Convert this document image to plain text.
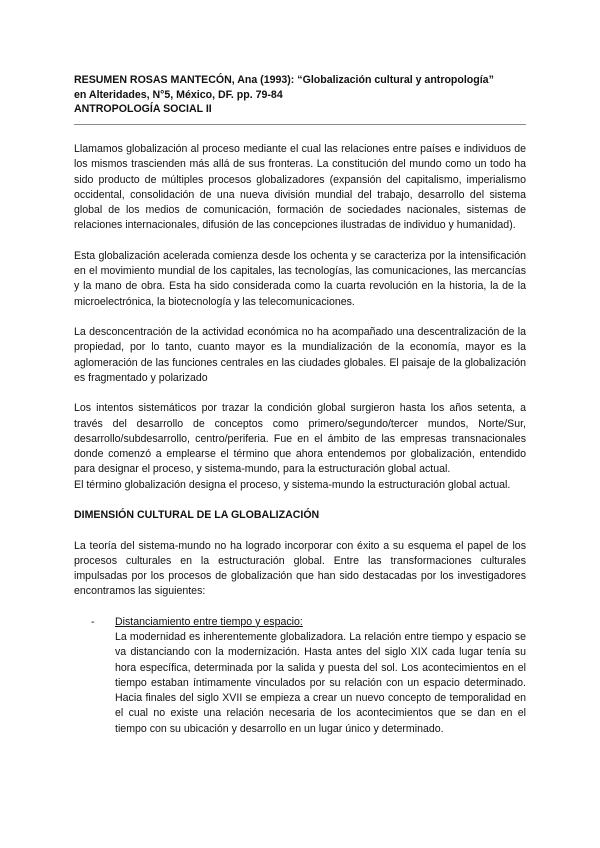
RESUMEN ROSAS MANTECÓN, Ana (1993): “Globalización cultural y antropología”
en Alteridades, N°5, México, DF. pp. 79-84
ANTROPOLOGÍA SOCIAL II

Llamamos globalización al proceso mediante el cual las relaciones entre países e individuos de los mismos trascienden más allá de sus fronteras. La constitución del mundo como un todo ha sido producto de múltiples procesos globalizadores (expansión del capitalismo, imperialismo occidental, consolidación de una nueva división mundial del trabajo, desarrollo del sistema global de los medios de comunicación, formación de sociedades nacionales, sistemas de relaciones internacionales, difusión de las concepciones ilustradas de individuo y humanidad).

Esta globalización acelerada comienza desde los ochenta y se caracteriza por la intensificación en el movimiento mundial de los capitales, las tecnologías, las comunicaciones, las mercancías y la mano de obra. Esta ha sido considerada como la cuarta revolución en la historia, la de la microelectrónica, la biotecnología y las telecomunicaciones.

La desconcentración de la actividad económica no ha acompañado una descentralización de la propiedad, por lo tanto, cuanto mayor es la mundialización de la economía, mayor es la aglomeración de las funciones centrales en las ciudades globales. El paisaje de la globalización es fragmentado y polarizado

Los intentos sistemáticos por trazar la condición global surgieron hasta los años setenta, a través del desarrollo de conceptos como primero/segundo/tercer mundos, Norte/Sur, desarrollo/subdesarrollo, centro/periferia. Fue en el ámbito de las empresas transnacionales donde comenzó a emplearse el término que ahora entendemos por globalización, entendido para designar el proceso, y sistema-mundo, para la estructuración global actual.

El término globalización designa el proceso, y sistema-mundo la estructuración global actual.

DIMENSIÓN CULTURAL DE LA GLOBALIZACIÓN

La teoría del sistema-mundo no ha logrado incorporar con éxito a su esquema el papel de los procesos culturales en la estructuración global. Entre las transformaciones culturales impulsadas por los procesos de globalización que han sido destacadas por los investigadores encontramos las siguientes:

- Distanciamiento entre tiempo y espacio:
La modernidad es inherentemente globalizadora. La relación entre tiempo y espacio se va distanciando con la modernización. Hasta antes del siglo XIX cada lugar tenía su hora específica, determinada por la salida y puesta del sol. Los acontecimientos en el tiempo estaban íntimamente vinculados por su relación con un espacio determinado. Hacia finales del siglo XVII se empieza a crear un nuevo concepto de temporalidad en el cual no existe una relación necesaria de los acontecimientos que se dan en el tiempo con su ubicación y desarrollo en un lugar único y determinado.
